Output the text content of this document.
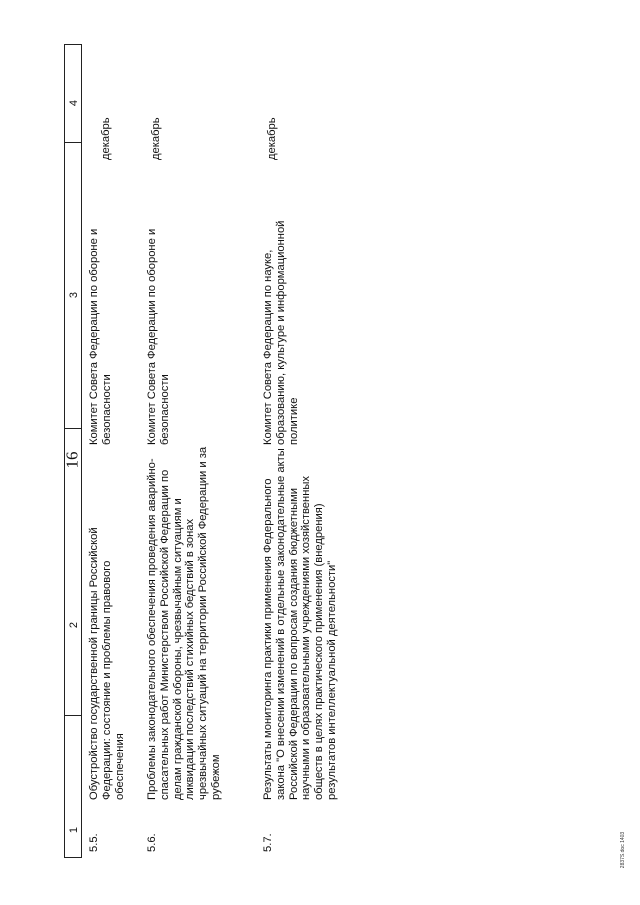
16
1
2
3
4
5.5.
Обустройство государственной границы Российской Федерации: состояние и проблемы правового обеспечения
Комитет Совета Федерации по обороне и безопасности
декабрь
5.6.
Проблемы законодательного обеспечения проведения аварийно-спасательных работ Министерством Российской Федерации по делам гражданской обороны, чрезвычайным ситуациям и ликвидации последствий стихийных бедствий в зонах чрезвычайных ситуаций на территории Российской Федерации и за рубежом
Комитет Совета Федерации по обороне и безопасности
декабрь
5.7.
Результаты мониторинга практики применения Федерального закона "О внесении изменений в отдельные законодательные акты Российской Федерации по вопросам создания бюджетными научными и образовательными учреждениями хозяйственных обществ в целях практического применения (внедрения) результатов интеллектуальной деятельности"
Комитет Совета Федерации по науке, образованию, культуре и информационной политике
декабрь
2837S.doc 1403
